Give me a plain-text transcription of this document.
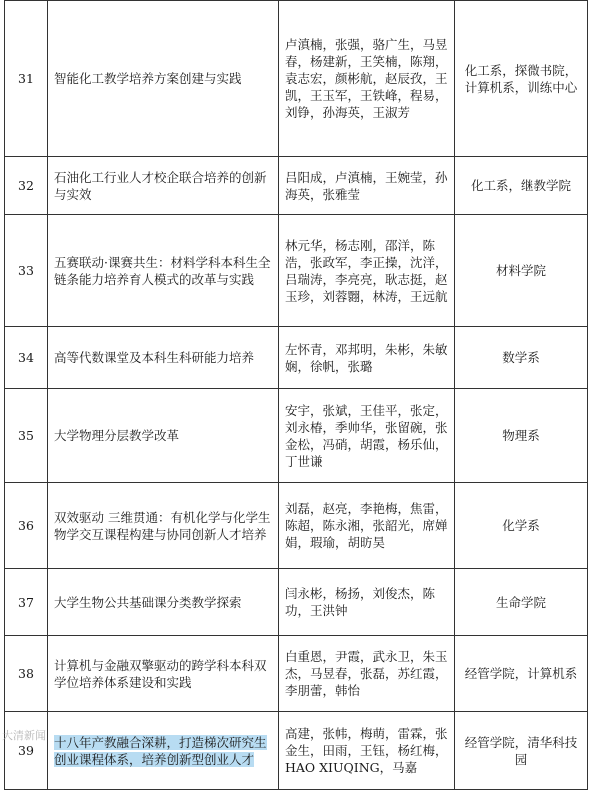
31	智能化工教学培养方案创建与实践	卢滇楠，张强，骆广生，马昱春，杨建新，王笑楠，陈翔，袁志宏，颜彬航，赵辰孜，王凯，王玉军，王铁峰，程易，刘铮，孙海英，王淑芳	化工系，探微书院，计算机系，训练中心
32	石油化工行业人才校企联合培养的创新与实效	吕阳成，卢滇楠，王婉莹，孙海英，张雅莹	化工系，继教学院
33	五赛联动·课赛共生：材料学科本科生全链条能力培养育人模式的改革与实践	林元华，杨志刚，邵洋，陈浩，张政军，李正操，沈洋，吕瑞涛，李亮亮，耿志挺，赵玉珍，刘蓉翾，林涛，王远航	材料学院
34	高等代数课堂及本科生科研能力培养	左怀青，邓邦明，朱彬，朱敏娴，徐帆，张璐	数学系
35	大学物理分层教学改革	安宇，张斌，王佳平，张定，刘永椿，季帅华，张留碗，张金松，冯硝，胡霞，杨乐仙，丁世谦	物理系
36	双效驱动 三维贯通：有机化学与化学生物学交互课程构建与协同创新人才培养	刘磊，赵亮，李艳梅，焦雷，陈超，陈永湘，张韶光，席婵娟，瑕瑜，胡昉昊	化学系
37	大学生物公共基础课分类教学探索	闫永彬，杨扬，刘俊杰，陈功，王洪钟	生命学院
38	计算机与金融双擎驱动的跨学科本科双学位培养体系建设和实践	白重恩，尹霞，武永卫，朱玉杰，马昱春，张磊，苏红霞，李朋蕾，韩怡	经管学院，计算机系
39	十八年产教融合深耕，打造梯次研究生创业课程体系，培养创新型创业人才	高建，张帏，梅萌，雷霖，张金生，田雨，王钰，杨红梅，HAO XIUQING，马嘉	经管学院，清华科技园
大清新闻
